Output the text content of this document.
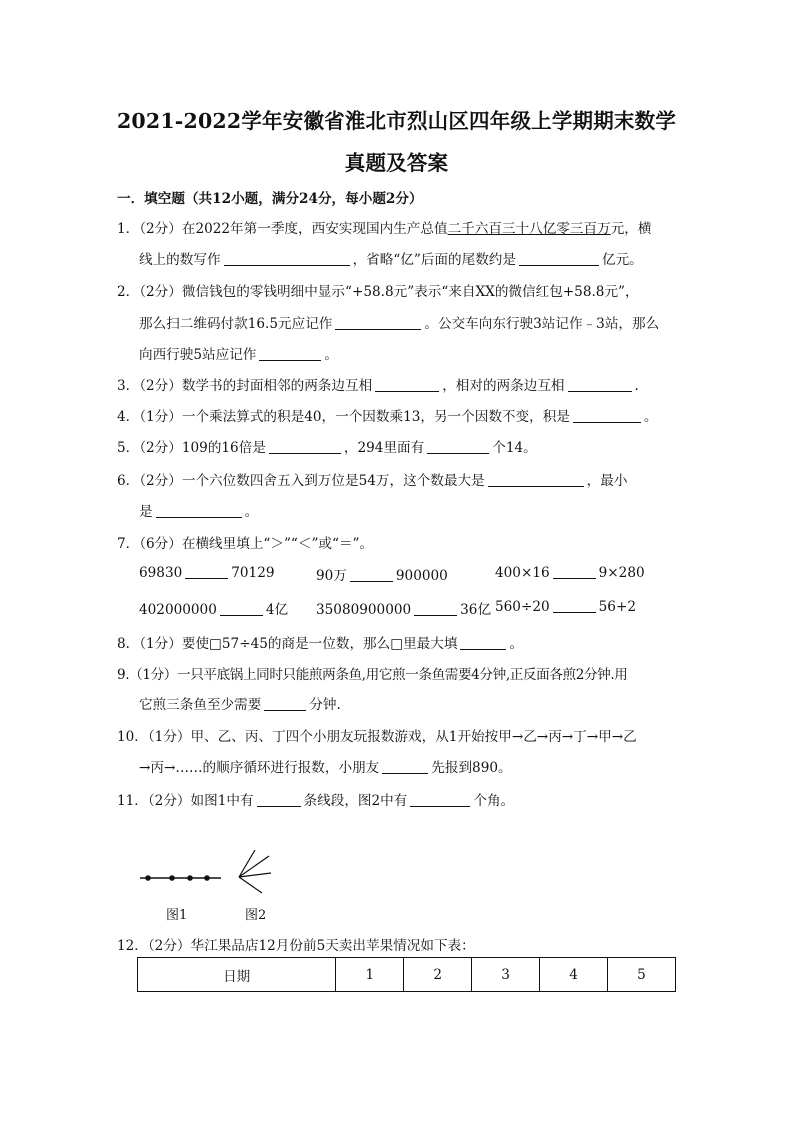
2021-2022学年安徽省淮北市烈山区四年级上学期期末数学
真题及答案
一．填空题（共12小题，满分24分，每小题2分）
1．（2分）在2022年第一季度，西安实现国内生产总值二千六百三十八亿零三百万元，横
线上的数写作	，省略“亿”后面的尾数约是	亿元。
2．（2分）微信钱包的零钱明细中显示“+58.8元”表示“来自XX的微信红包+58.8元”，
那么扫二维码付款16.5元应记作	。公交车向东行驶3站记作﹣3站，那么
向西行驶5站应记作	。
3．（2分）数学书的封面相邻的两条边互相	，相对的两条边互相	.
4．（1分）一个乘法算式的积是40，一个因数乘13，另一个因数不变，积是	。
5．（2分）109的16倍是	，294里面有	个14。
6．（2分）一个六位数四舍五入到万位是54万，这个数最大是	，最小
是	。
7．（6分）在横线里填上“＞”“＜”或“＝”。
69830	70129	90万	900000	400×16	9×280
402000000	4亿 35080900000	36亿 560÷20	56+2
8．（1分）要使□57÷45的商是一位数，那么□里最大填	。
9.（1分）一只平底锅上同时只能煎两条鱼,用它煎一条鱼需要4分钟,正反面各煎2分钟.用
它煎三条鱼至少需要	分钟.
10．（1分）甲、乙、丙、丁四个小朋友玩报数游戏，从1开始按甲→乙→丙→丁→甲→乙
→丙→……的顺序循环进行报数，小朋友	先报到890。
11．（2分）如图1中有	条线段，图2中有	个角。
图1	图2
12．（2分）华江果品店12月份前5天卖出苹果情况如下表：
日期	1	2	3	4	5
